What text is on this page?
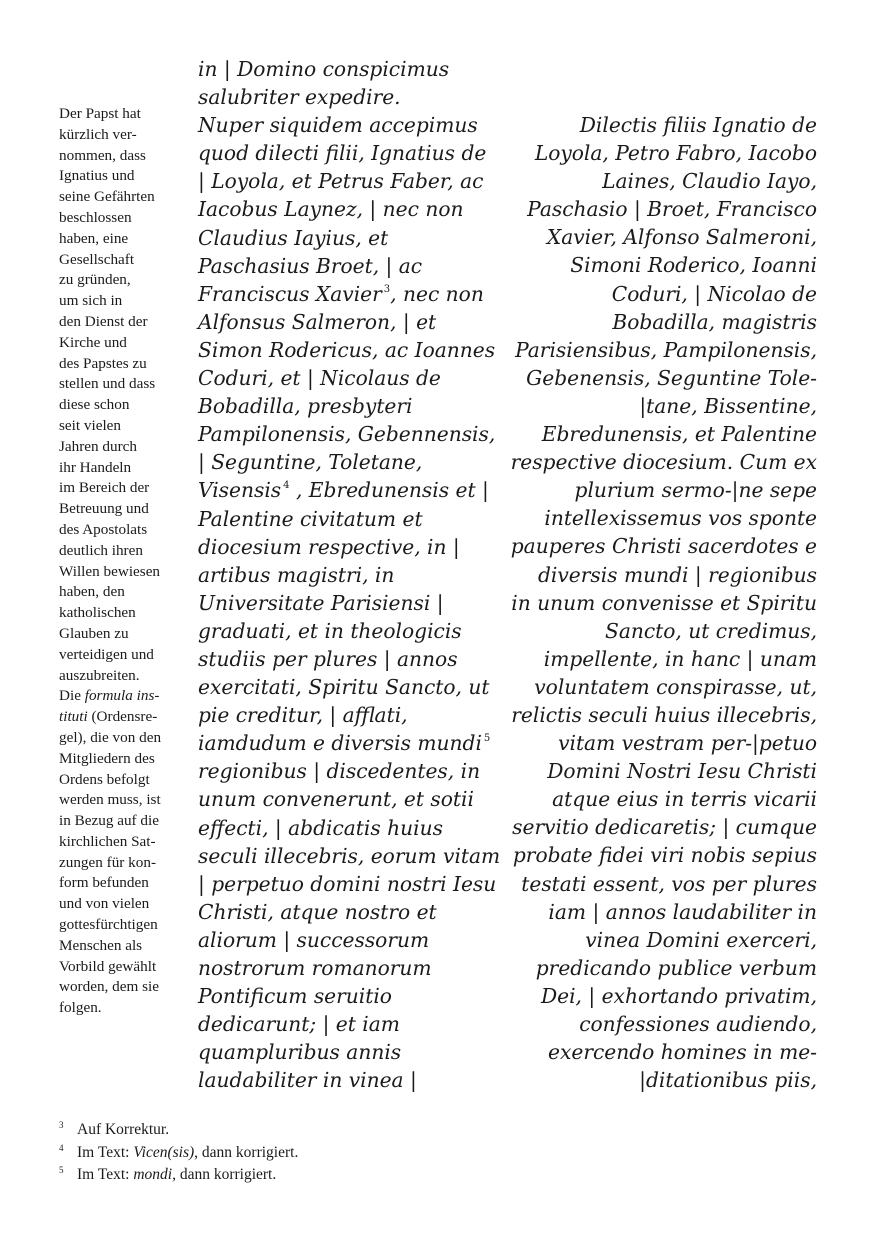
Der Papst hat
kürzlich ver-
nommen, dass
Ignatius und
seine Gefährten
beschlossen
haben, eine
Gesellschaft
zu gründen,
um sich in
den Dienst der
Kirche und
des Papstes zu
stellen und dass
diese schon
seit vielen
Jahren durch
ihr Handeln
im Bereich der
Betreuung und
des Apostolats
deutlich ihren
Willen bewiesen
haben, den
katholischen
Glauben zu
verteidigen und
auszubreiten.
Die formula ins-
tituti (Ordensre-
gel), die von den
Mitgliedern des
Ordens befolgt
werden muss, ist
in Bezug auf die
kirchlichen Sat-
zungen für kon-
form befunden
und von vielen
gottesfürchtigen
Menschen als
Vorbild gewählt
worden, dem sie
folgen.
in | Domino conspicimus
salubriter expedire.
Nuper siquidem accepimus
quod dilecti filii, Ignatius de
| Loyola, et Petrus Faber, ac
Iacobus Laynez, | nec non
Claudius Iayius, et
Paschasius Broet, | ac
Franciscus Xavier $^3$, nec non
Alfonsus Salmeron, | et
Simon Rodericus, ac Ioannes
Coduri, et | Nicolaus de
Bobadilla, presbyteri
Pampilonensis, Gebennensis,
| Seguntine, Toletane,
Visensis $^4$ , Ebredunensis et |
Palentine civitatum et
diocesium respective, in |
artibus magistri, in
Universitate Parisiensi |
graduati, et in theologicis
studiis per plures | annos
exercitati, Spiritu Sancto, ut
pie creditur, | afflati,
iamdudum e diversis mundi $^5$
regionibus | discedentes, in
unum convenerunt, et sotii
effecti, | abdicatis huius
seculi illecebris, eorum vitam
| perpetuo domini nostri Iesu
Christi, atque nostro et
aliorum | successorum
nostrorum romanorum
Pontificum seruitio
dedicarunt; | et iam
quampluribus annis
laudabiliter in vinea |
Dilectis filiis Ignatio de
Loyola, Petro Fabro, Iacobo
Laines, Claudio Iayo,
Paschasio | Broet, Francisco
Xavier, Alfonso Salmeroni,
Simoni Roderico, Ioanni
Coduri, | Nicolao de
Bobadilla, magistris
Parisiensibus, Pampilonensis,
Gebenensis, Seguntine Tole-
|tane, Bissentine,
Ebredunensis, et Palentine
respective diocesium. Cum ex
plurium sermo-|ne sepe
intellexissemus vos sponte
pauperes Christi sacerdotes e
diversis mundi | regionibus
in unum convenisse et Spiritu
Sancto, ut credimus,
impellente, in hanc | unam
voluntatem conspirasse, ut,
relictis seculi huius illecebris,
vitam vestram per-|petuo
Domini Nostri Iesu Christi
atque eius in terris vicarii
servitio dedicaretis; | cumque
probate fidei viri nobis sepius
testati essent, vos per plures
iam | annos laudabiliter in
vinea Domini exerceri,
predicando publice verbum
Dei, | exhortando privatim,
confessiones audiendo,
exercendo homines in me-
|ditationibus piis,
3 Auf Korrektur.
4 Im Text: Vicen(sis), dann korrigiert.
5 Im Text: mondi, dann korrigiert.
